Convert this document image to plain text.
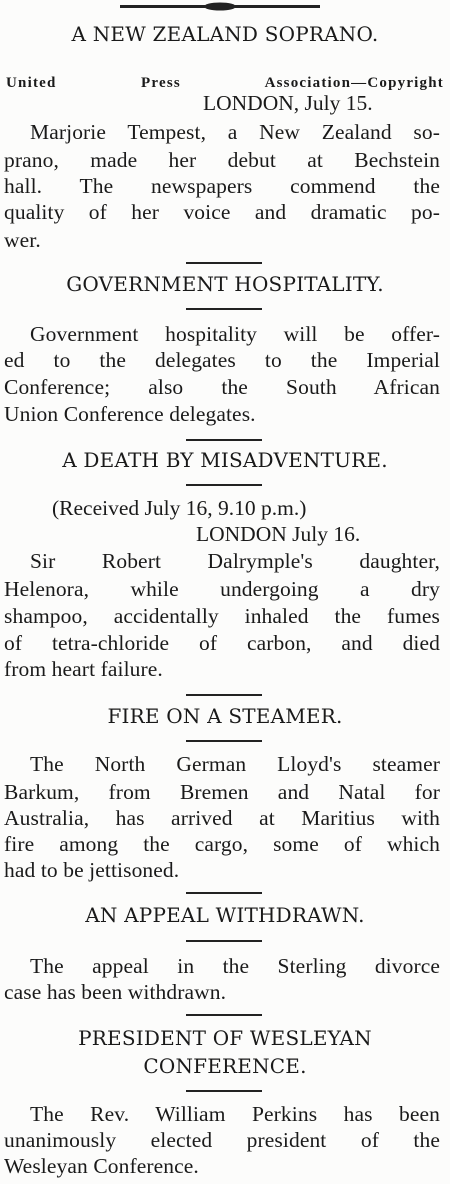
A NEW ZEALAND SOPRANO.
United Press Association—Copyright
LONDON, July 15.
Marjorie Tempest, a New Zealand so-
prano, made her debut at Bechstein
hall. The newspapers commend the
quality of her voice and dramatic po-
wer.
GOVERNMENT HOSPITALITY.
Government hospitality will be offer-
ed to the delegates to the Imperial
Conference; also the South African
Union Conference delegates.
A DEATH BY MISADVENTURE.
(Received July 16, 9.10 p.m.)
LONDON July 16.
Sir Robert Dalrymple's daughter,
Helenora, while undergoing a dry
shampoo, accidentally inhaled the fumes
of tetra-chloride of carbon, and died
from heart failure.
FIRE ON A STEAMER.
The North German Lloyd's steamer
Barkum, from Bremen and Natal for
Australia, has arrived at Maritius with
fire among the cargo, some of which
had to be jettisoned.
AN APPEAL WITHDRAWN.
The appeal in the Sterling divorce
case has been withdrawn.
PRESIDENT OF WESLEYAN
CONFERENCE.
The Rev. William Perkins has been
unanimously elected president of the
Wesleyan Conference.
